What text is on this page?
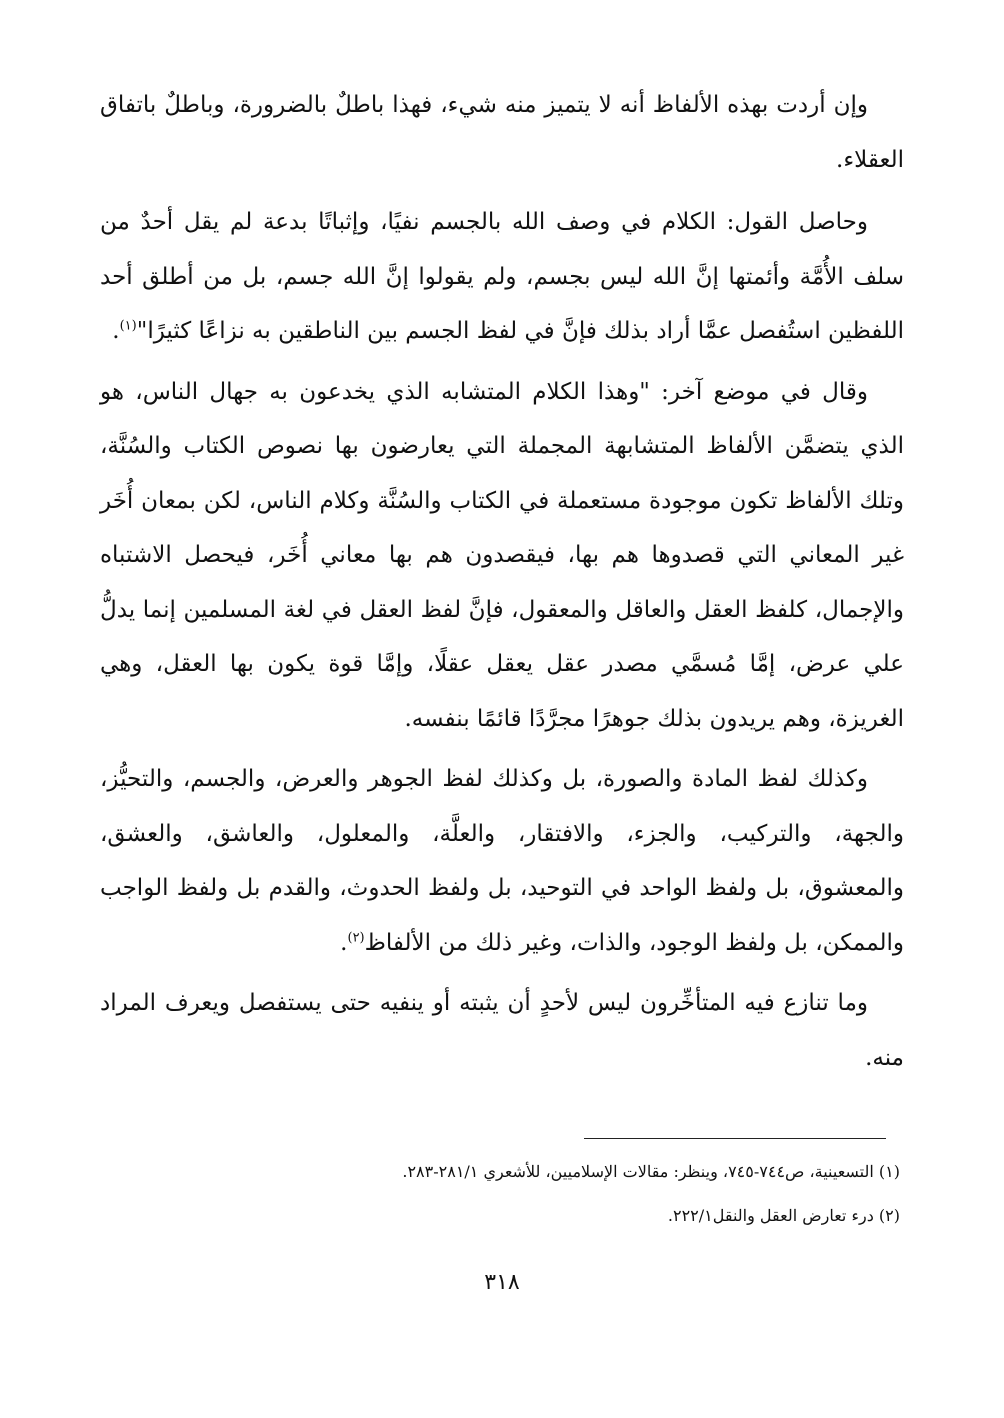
وإن أردت بهذه الألفاظ أنه لا يتميز منه شيء، فهذا باطلٌ بالضرورة، وباطلٌ باتفاق العقلاء.

وحاصل القول: الكلام في وصف الله بالجسم نفيًا، وإثباتًا بدعة لم يقل أحدٌ من سلف الأُمَّة وأئمتها إنَّ الله ليس بجسم، ولم يقولوا إنَّ الله جسم، بل من أطلق أحد اللفظين استُفصل عمَّا أراد بذلك فإنَّ في لفظ الجسم بين الناطقين به نزاعًا كثيرًا"$^{(١)}$.

وقال في موضع آخر: "وهذا الكلام المتشابه الذي يخدعون به جهال الناس، هو الذي يتضمَّن الألفاظ المتشابهة المجملة التي يعارضون بها نصوص الكتاب والسُنَّة، وتلك الألفاظ تكون موجودة مستعملة في الكتاب والسُنَّة وكلام الناس، لكن بمعان أُخَر غير المعاني التي قصدوها هم بها، فيقصدون هم بها معاني أُخَر، فيحصل الاشتباه والإجمال، كلفظ العقل والعاقل والمعقول، فإنَّ لفظ العقل في لغة المسلمين إنما يدلُّ علي عرض، إمَّا مُسمَّي مصدر عقل يعقل عقلًا، وإمَّا قوة يكون بها العقل، وهي الغريزة، وهم يريدون بذلك جوهرًا مجرَّدًا قائمًا بنفسه.

وكذلك لفظ المادة والصورة، بل وكذلك لفظ الجوهر والعرض، والجسم، والتحيُّز، والجهة، والتركيب، والجزء، والافتقار، والعلَّة، والمعلول، والعاشق، والعشق، والمعشوق، بل ولفظ الواحد في التوحيد، بل ولفظ الحدوث، والقدم بل ولفظ الواجب والممكن، بل ولفظ الوجود، والذات، وغير ذلك من الألفاظ$^{(٢)}$.

وما تنازع فيه المتأخِّرون ليس لأحدٍ أن يثبته أو ينفيه حتى يستفصل ويعرف المراد منه.

(١) التسعينية، ص٧٤٤-٧٤٥، وينظر: مقالات الإسلاميين، للأشعري ٢٨١/١-٢٨٣.

(٢) درء تعارض العقل والنقل٢٢٢/١.

٣١٨
